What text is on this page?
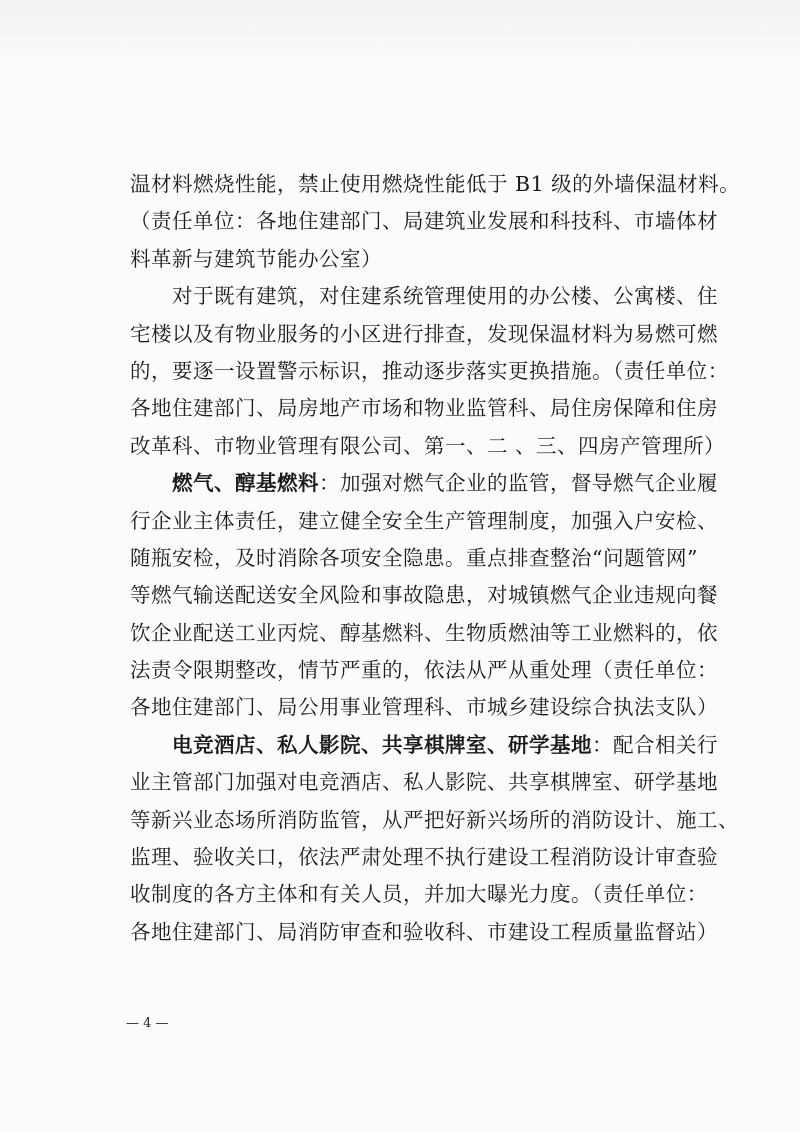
温材料燃烧性能，禁止使用燃烧性能低于 B1 级的外墙保温材料。
（责任单位：各地住建部门、局建筑业发展和科技科、市墙体材
料革新与建筑节能办公室）
对于既有建筑，对住建系统管理使用的办公楼、公寓楼、住
宅楼以及有物业服务的小区进行排查，发现保温材料为易燃可燃
的，要逐一设置警示标识，推动逐步落实更换措施。（责任单位：
各地住建部门、局房地产市场和物业监管科、局住房保障和住房
改革科、市物业管理有限公司、第一、二 、三、四房产管理所）
燃气、醇基燃料：加强对燃气企业的监管，督导燃气企业履
行企业主体责任，建立健全安全生产管理制度，加强入户安检、
随瓶安检，及时消除各项安全隐患。重点排查整治“问题管网”
等燃气输送配送安全风险和事故隐患，对城镇燃气企业违规向餐
饮企业配送工业丙烷、醇基燃料、生物质燃油等工业燃料的，依
法责令限期整改，情节严重的，依法从严从重处理（责任单位：
各地住建部门、局公用事业管理科、市城乡建设综合执法支队）
电竞酒店、私人影院、共享棋牌室、研学基地：配合相关行
业主管部门加强对电竞酒店、私人影院、共享棋牌室、研学基地
等新兴业态场所消防监管，从严把好新兴场所的消防设计、施工、
监理、验收关口，依法严肃处理不执行建设工程消防设计审查验
收制度的各方主体和有关人员，并加大曝光力度。（责任单位：
各地住建部门、局消防审查和验收科、市建设工程质量监督站）
— 4 —
